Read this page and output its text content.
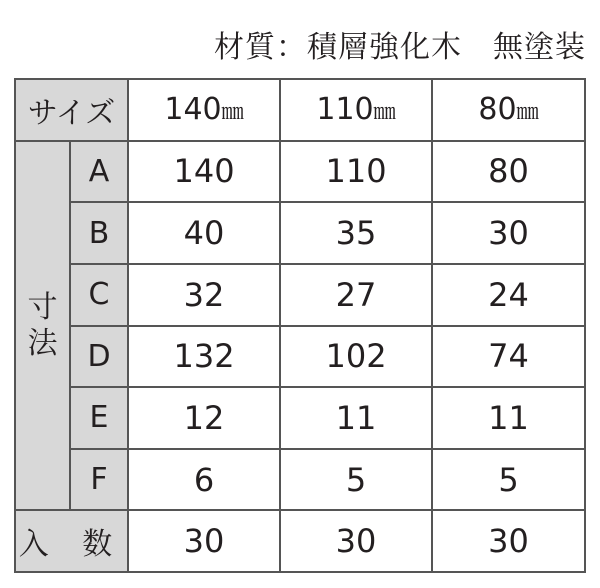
材質：積層強化木　無塗装
サイズ		140㎜	110㎜	80㎜
寸
法	A	140	110	80
	B	40	35	30
	C	32	27	24
	D	132	102	74
	E	12	11	11
	F	6	5	5
入 数		30	30	30
